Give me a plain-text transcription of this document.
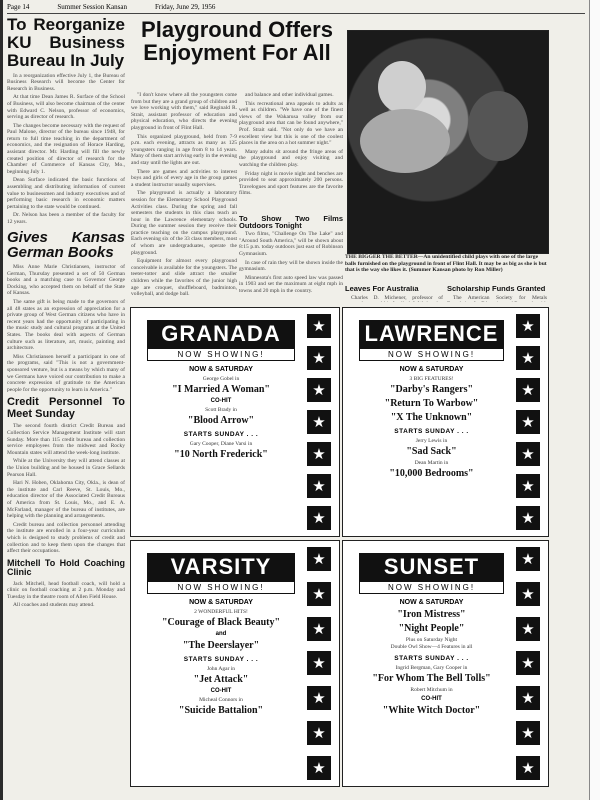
Page 14	Summer Session Kansan	Friday, June 29, 1956
To Reorganize KU Business Bureau In July
In a reorganization effective July 1, the Bureau of Business Research will become the Center for Research in Business.
At that time Dean James R. Surface of the School of Business, will also become chairman of the center with Edward C. Nelson, professor of economics, serving as director of research.
The changes become necessary with the request of Paul Malone, director of the bureau since 1948, for return to full time teaching in the department of economics, and the resignation of Horace Harding, assistant director. Mr. Harding will fill the newly created position of director of research for the Chamber of Commerce of Kansas City, Mo., beginning July 1.
Dean Surface indicated the basic functions of assembling and distributing information of current value to businessmen and industry executives and of performing basic research in economic matters pertaining to the state would be continued.
Dr. Nelson has been a member of the faculty for 12 years.
Gives Kansas German Books
Miss Anne Marie Christiansen, instructor of German, Thursday presented a set of 50 German books and a matching case to Governor George Docking, who accepted them on behalf of the State of Kansas.
The same gift is being made to the governors of all 48 states as an expression of appreciation for a private group of West German citizens who have in recent years had the opportunity of participating in the music study and cultural programs at the United States. The books deal with aspects of German culture such as literature, art, music, painting and architecture.
Miss Christiansen herself a participant in one of the programs, said "This is not a government-sponsored venture, but is a means by which many of we Germans have voiced our contribution to make a concrete expression of gratitude to the American people for the opportunity to learn in America."
Credit Personnel To Meet Sunday
The second fourth district Credit Bureau and Collection Service Management Institute will start Sunday. More than 115 credit bureau and collection service employees from the midwest and Rocky Mountain states will attend the week-long institute.
While at the University they will attend classes at the Union building and be housed in Grace Sellards Pearson Hall.
Hari N. Hoben, Oklahoma City, Okla., is dean of the institute and Carl Reeve, St. Louis, Mo., education director of the Associated Credit Bureaus of America from St. Louis, Mo., and E. A. McFarland, manager of the bureau of institutes, are helping with the planning and arrangements.
Credit bureau and collection personnel attending the institute are enrolled in a four-year curriculum which is designed to study problems of credit and collection and to keep them upon the changes that affect their occupations.
Mitchell To Hold Coaching Clinic
Jack Mitchell, head football coach, will hold a clinic on football coaching at 2 p.m. Monday and Tuesday in the theatre room of Allen Field House.
All coaches and students may attend.
Playground Offers Enjoyment For All
"I don't know where all the youngsters come from but they are a grand group of children and we love working with them," said Reginald R. Strait, assistant professor of education and physical education, who directs the evening playground in front of Flint Hall.
This organized playground, held from 7-9 p.m. each evening, attracts as many as 125 youngsters ranging in age from 8 to 14 years. Many of them start arriving early in the evening and stay until the lights are out.
There are games and activities to interest boys and girls of every age in the group games a student instructor usually supervises.
The playground is actually a laboratory session for the Elementary School Playground Activities class. During the spring and fall semesters the students in this class teach an hour in the Lawrence elementary schools. During the summer session they receive their practice teaching on the campus playground. Each evening six of the 33 class members, most of whom are undergraduates, operate the playground.
Equipment for almost every playground conceivable is available for the youngsters. The teeter-totter and slide attract the smaller children while the favorites of the junior high age are croquet, shuffleboard, badminton, volleyball, and dodge ball.
and balance and other individual games.
This recreational area appeals to adults as well as children. "We have one of the finest views of the Wakarusa valley from our playground area that can be found anywhere," Prof. Strait said. "Not only do we have an excellent view but this is one of the coolest places in the area on a hot summer night."
Many adults sit around the fringe areas of the playground and enjoy visiting and watching the children play.
Friday night is movie night and benches are provided to seat approximately 200 persons. Travelogues and sport features are the favorite films.
To Show Two Films Outdoors Tonight
Two films, "Challenge On The Lake" and "Around South America," will be shown about 8:15 p.m. today outdoors just east of Robinson Gymnasium.
In case of rain they will be shown inside the gymnasium.
Minnesota's first auto speed law was passed in 1903 and set the maximum at eight mph in towns and 20 mph in the country.
THE BIGGER THE BETTER—An unidentified child plays with one of the large balls furnished on the playground in front of Flint Hall. It may be as big as she is but that is the way she likes it. (Summer Kansan photo by Ron Miller)
Leaves For Australia
Charles D. Michener, professor of
Scholarship Funds Granted
The American Society for Metals
GRANADA
NOW SHOWING!
NOW & SATURDAY
George Gobel in
"I Married A Woman"
CO-HIT
Scott Brady in
"Blood Arrow"
STARTS SUNDAY . . .
Gary Cooper, Diane Varsi in
"10 North Frederick"
★
★
★
★
★
★
★
LAWRENCE
NOW SHOWING!
NOW & SATURDAY
3 BIG FEATURES!
"Darby's Rangers"
"Return To Warbow"
"X The Unknown"
STARTS SUNDAY . . .
Jerry Lewis in
"Sad Sack"
Dean Martin in
"10,000 Bedrooms"
★
★
★
★
★
★
★
VARSITY
NOW SHOWING!
NOW & SATURDAY
2 WONDERFUL HITS!
"Courage of Black Beauty"
and
"The Deerslayer"
STARTS SUNDAY . . .
John Agar in
"Jet Attack"
CO-HIT
Micheal Connors in
"Suicide Battalion"
★
★
★
★
★
★
★
SUNSET
NOW SHOWING!
NOW & SATURDAY
"Iron Mistress"
"Night People"
Plus on Saturday Night
Double Owl Show—4 Features in all
STARTS SUNDAY . . .
Ingrid Bergman, Gary Cooper in
"For Whom The Bell Tolls"
Robert Mitchum in
CO-HIT
"White Witch Doctor"
★
★
★
★
★
★
★
